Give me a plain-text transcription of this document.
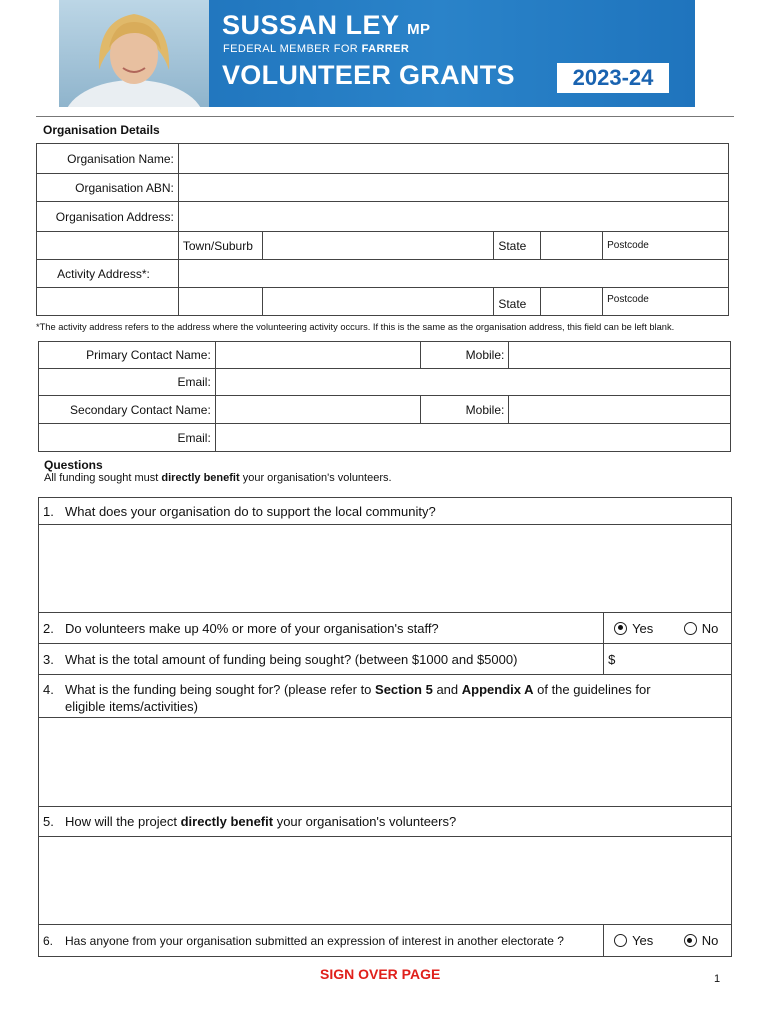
SUSSAN LEY MP
FEDERAL MEMBER FOR FARRER
VOLUNTEER GRANTS	2023-24
Organisation Details
Organisation Name:					
Organisation ABN:					
Organisation Address:					
	Town/Suburb		State		Postcode
Activity Address*:					
			State		Postcode
*The activity address refers to the address where the volunteering activity occurs. If this is the same as the organisation address, this field can be left blank.
Primary Contact Name:		Mobile:	
Email:			
Secondary Contact Name:		Mobile:	
Email:			
Questions
All funding sought must directly benefit your organisation's volunteers.
1. What does your organisation do to support the local community?	

2. Do volunteers make up 40% or more of your organisation's staff?	Yes No
3. What is the total amount of funding being sought? (between $1000 and $5000)	$
4. What is the funding being sought for? (please refer to Section 5 and Appendix A of the guidelines for
eligible items/activities)	

5. How will the project directly benefit your organisation's volunteers?	

6. Has anyone from your organisation submitted an expression of interest in another electorate ?	Yes No
SIGN OVER PAGE	1
